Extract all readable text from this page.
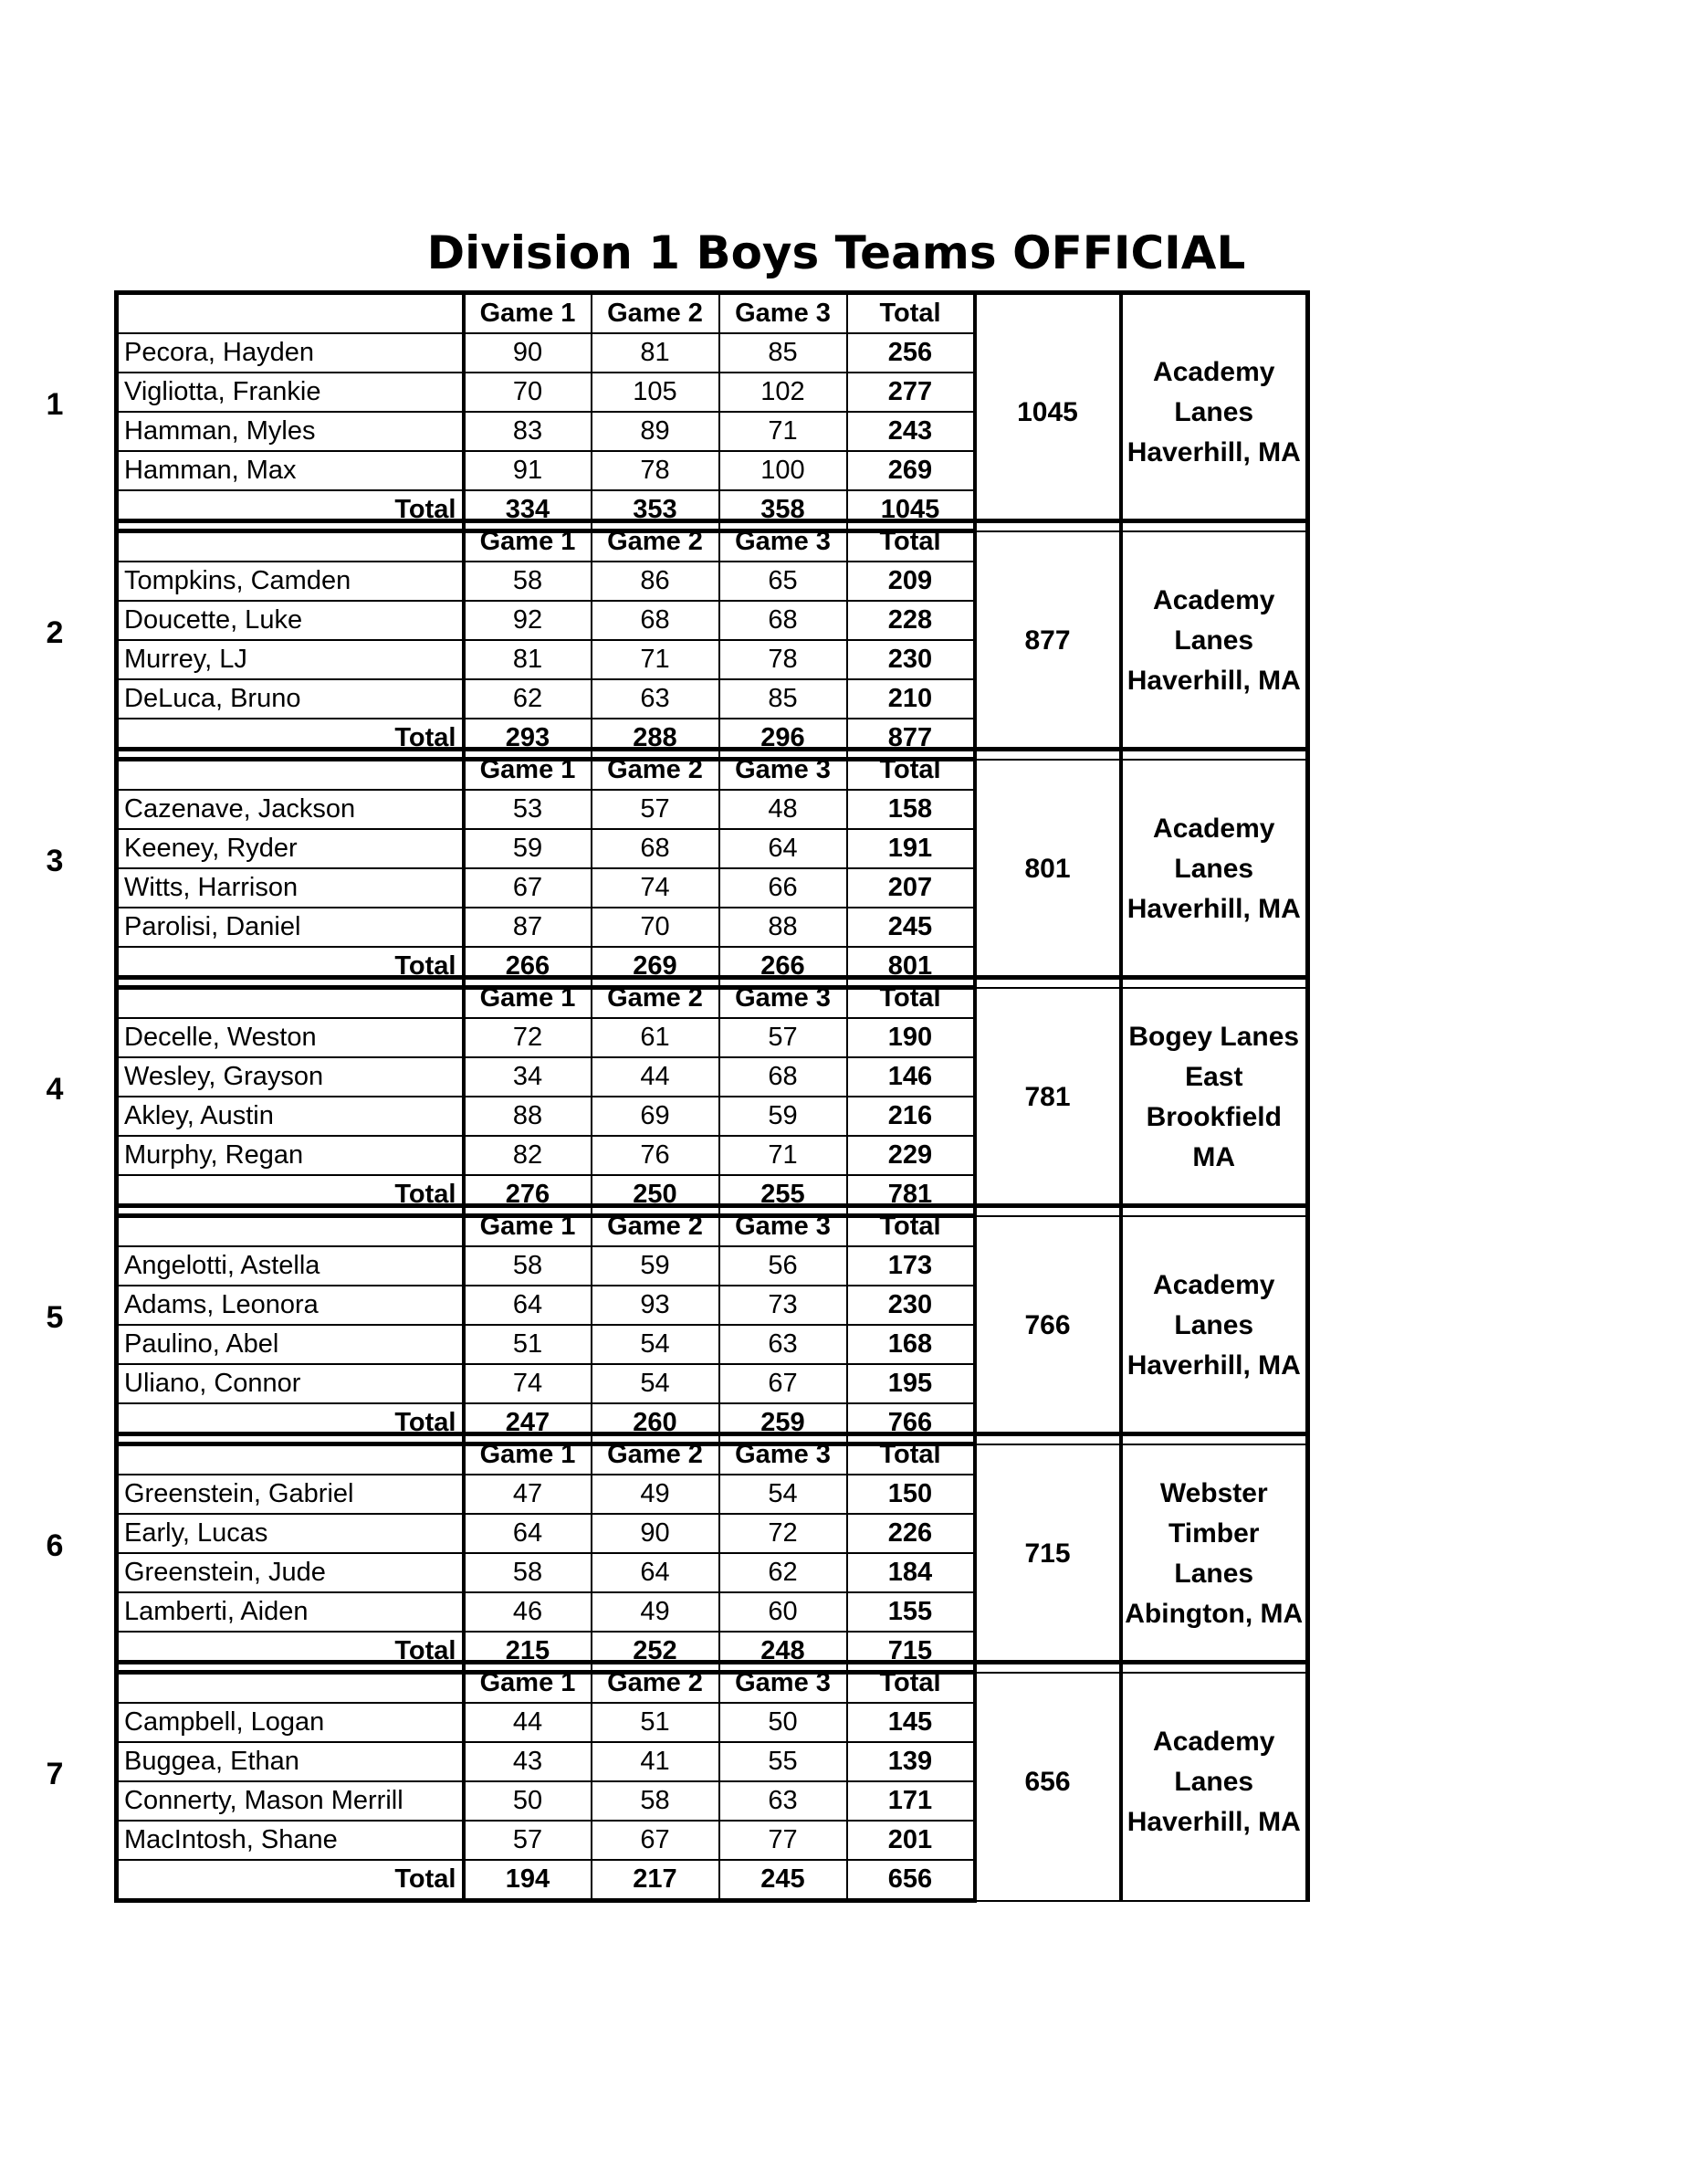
Division 1 Boys Teams OFFICIAL
1
	Game 1	Game 2	Game 3	Total	1045	Academy Lanes
Haverhill, MA

Pecora, Hayden	90	81	85	256		
Vigliotta, Frankie	70	105	102	277		
Hamman, Myles	83	89	71	243		
Hamman, Max	91	78	100	269		
Total	334	353	358	1045		
2
	Game 1	Game 2	Game 3	Total	877	Academy Lanes
Haverhill, MA

Tompkins, Camden	58	86	65	209		
Doucette, Luke	92	68	68	228		
Murrey, LJ	81	71	78	230		
DeLuca, Bruno	62	63	85	210		
Total	293	288	296	877		
3
	Game 1	Game 2	Game 3	Total	801	Academy Lanes
Haverhill, MA

Cazenave, Jackson	53	57	48	158		
Keeney, Ryder	59	68	64	191		
Witts, Harrison	67	74	66	207		
Parolisi, Daniel	87	70	88	245		
Total	266	269	266	801		
4
	Game 1	Game 2	Game 3	Total	781	Bogey Lanes
East Brookfield MA

Decelle, Weston	72	61	57	190		
Wesley, Grayson	34	44	68	146		
Akley, Austin	88	69	59	216		
Murphy, Regan	82	76	71	229		
Total	276	250	255	781		
5
	Game 1	Game 2	Game 3	Total	766	Academy Lanes
Haverhill, MA

Angelotti, Astella	58	59	56	173		
Adams, Leonora	64	93	73	230		
Paulino, Abel	51	54	63	168		
Uliano, Connor	74	54	67	195		
Total	247	260	259	766		
6
	Game 1	Game 2	Game 3	Total	715	Webster Timber
Lanes
Abington, MA

Greenstein, Gabriel	47	49	54	150		
Early, Lucas	64	90	72	226		
Greenstein, Jude	58	64	62	184		
Lamberti, Aiden	46	49	60	155		
Total	215	252	248	715		
7
	Game 1	Game 2	Game 3	Total	656	Academy Lanes
Haverhill, MA

Campbell, Logan	44	51	50	145		
Buggea, Ethan	43	41	55	139		
Connerty, Mason Merrill	50	58	63	171		
MacIntosh, Shane	57	67	77	201		
Total	194	217	245	656		
